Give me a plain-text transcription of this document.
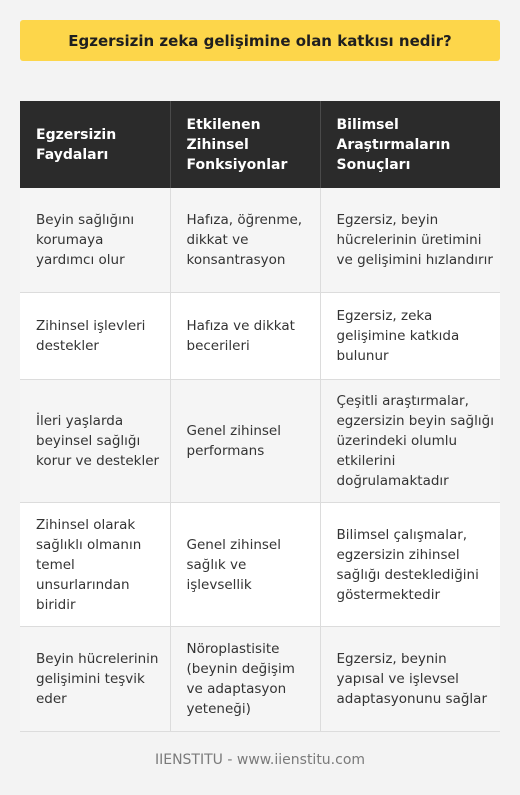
Egzersizin zeka gelişimine olan katkısı nedir?
Egzersizin Faydaları	Etkilenen Zihinsel Fonksiyonlar	Bilimsel Araştırmaların Sonuçları
Beyin sağlığını korumaya yardımcı olur	Hafıza, öğrenme, dikkat ve konsantrasyon	Egzersiz, beyin hücrelerinin üretimini ve gelişimini hızlandırır
Zihinsel işlevleri destekler	Hafıza ve dikkat becerileri	Egzersiz, zeka gelişimine katkıda bulunur
İleri yaşlarda beyinsel sağlığı korur ve destekler	Genel zihinsel performans	Çeşitli araştırmalar, egzersizin beyin sağlığı üzerindeki olumlu etkilerini doğrulamaktadır
Zihinsel olarak sağlıklı olmanın temel unsurlarından biridir	Genel zihinsel sağlık ve işlevsellik	Bilimsel çalışmalar, egzersizin zihinsel sağlığı desteklediğini göstermektedir
Beyin hücrelerinin gelişimini teşvik eder	Nöroplastisite (beynin değişim ve adaptasyon yeteneği)	Egzersiz, beynin yapısal ve işlevsel adaptasyonunu sağlar
IIENSTITU - www.iienstitu.com
